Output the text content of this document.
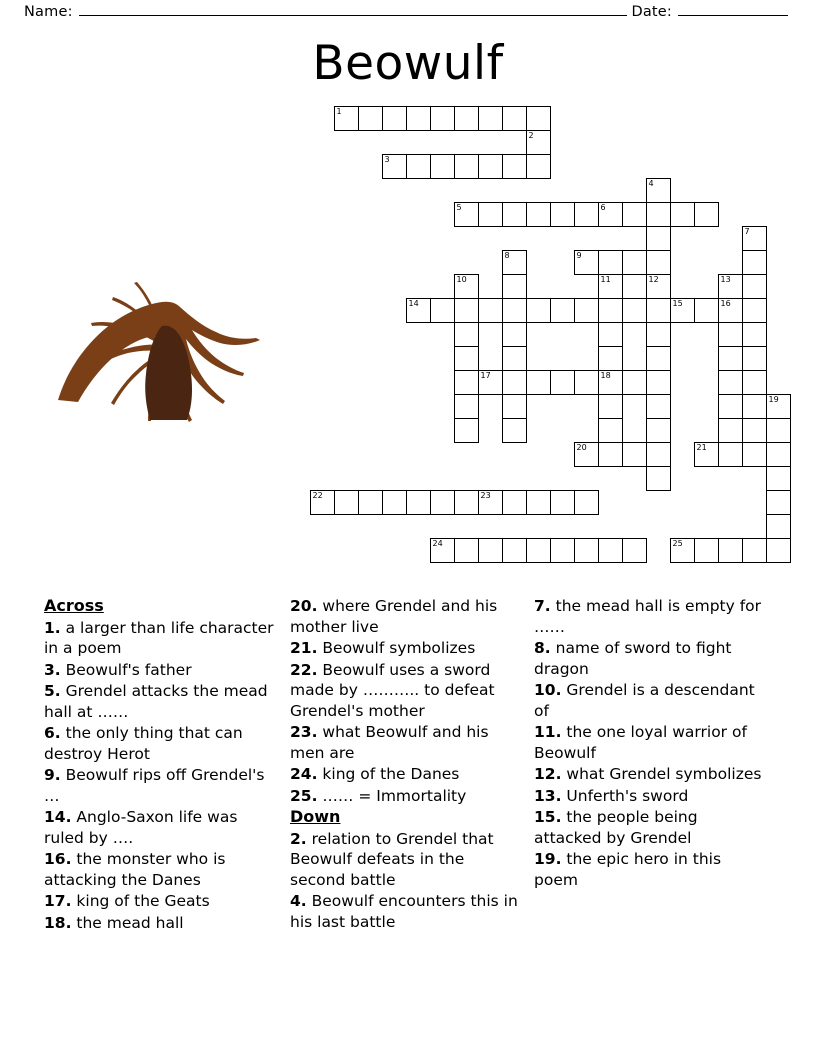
Name:	Date:
Beowulf
1
2
3
4
5	6
7
8	9
10	11	12	13
14	15	16
17	18
19
20	21
22	23
24	25
Across
1. a larger than life character in a poem
3. Beowulf's father
5. Grendel attacks the mead hall at ……
6. the only thing that can destroy Herot
9. Beowulf rips off Grendel's …
14. Anglo-Saxon life was ruled by ….
16. the monster who is attacking the Danes
17. king of the Geats
18. the mead hall
20. where Grendel and his mother live
21. Beowulf symbolizes
22. Beowulf uses a sword made by ……….. to defeat Grendel's mother
23. what Beowulf and his men are
24. king of the Danes
25. …… = Immortality
Down
2. relation to Grendel that Beowulf defeats in the second battle
4. Beowulf encounters this in his last battle
7. the mead hall is empty for ……
8. name of sword to fight dragon
10. Grendel is a descendant of
11. the one loyal warrior of Beowulf
12. what Grendel symbolizes
13. Unferth's sword
15. the people being attacked by Grendel
19. the epic hero in this poem
